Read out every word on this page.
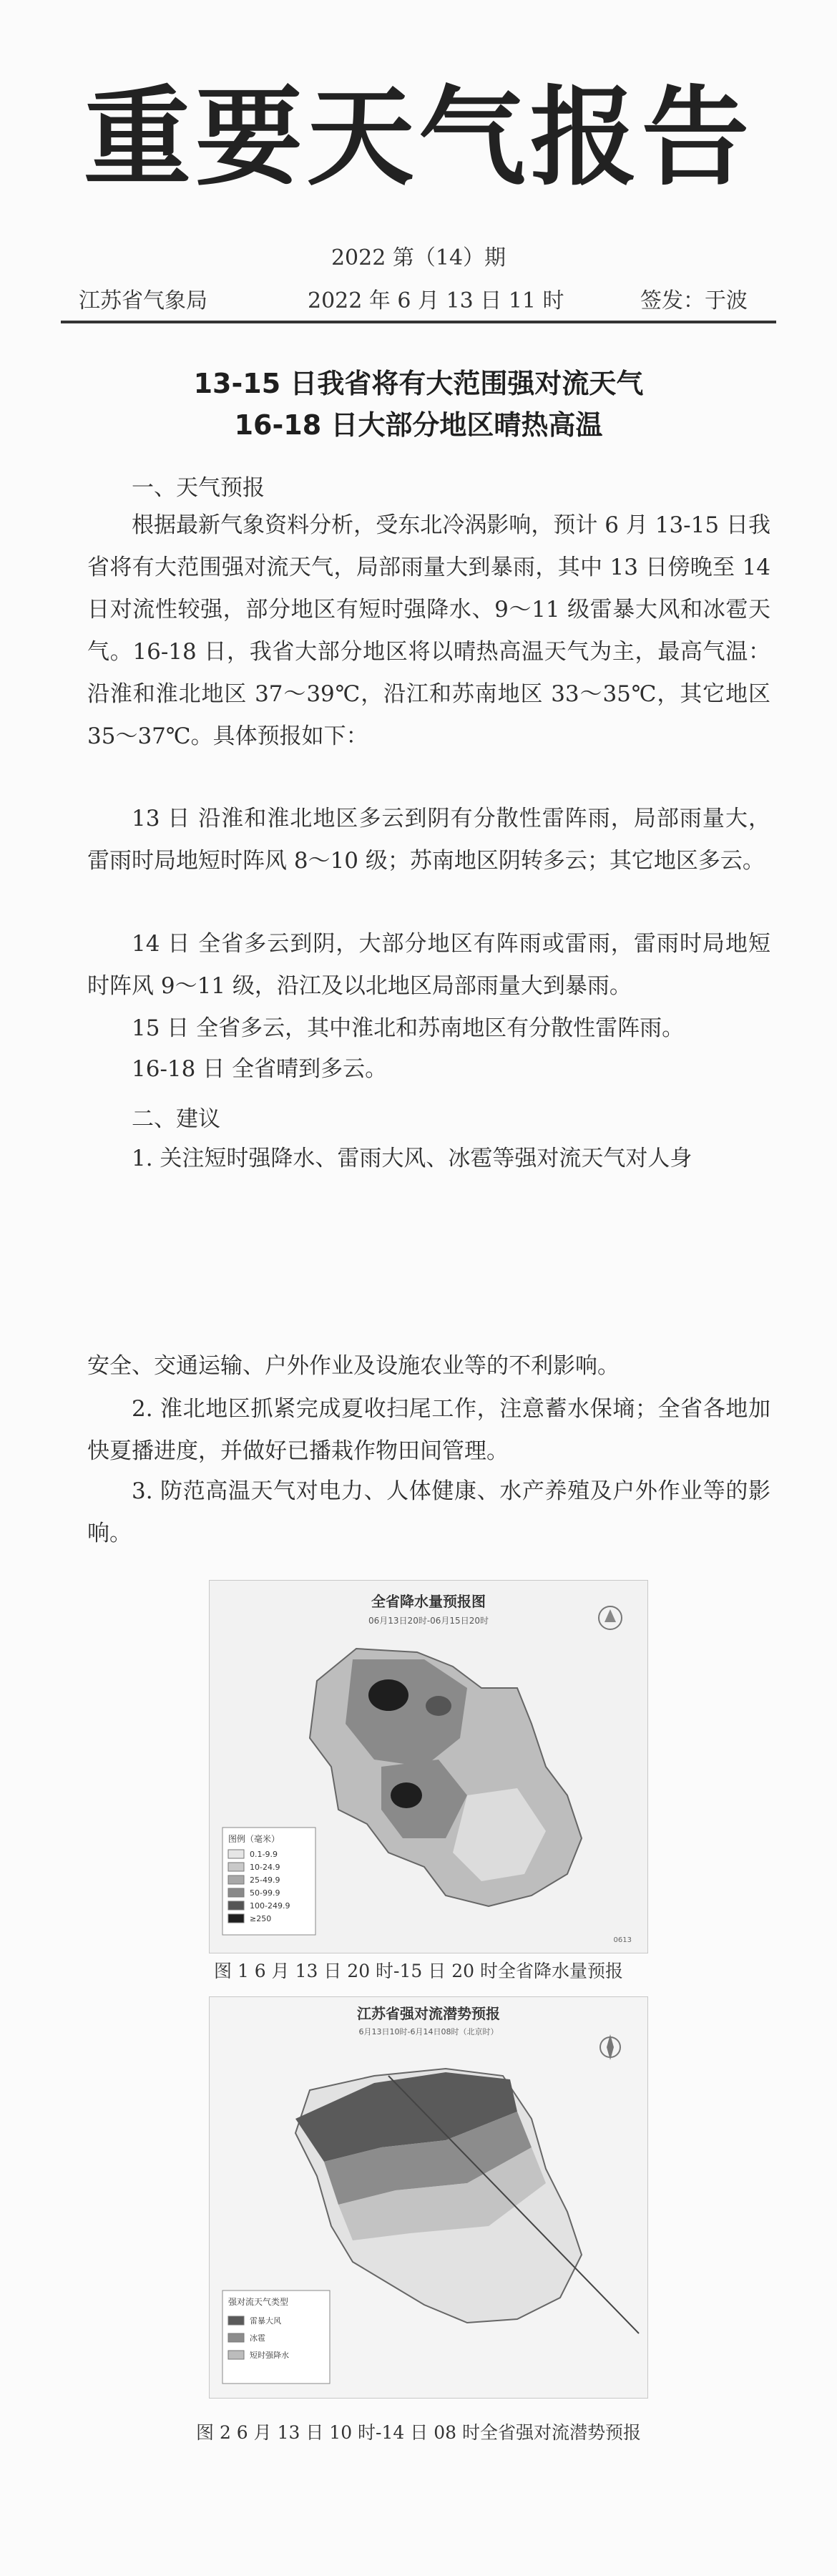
重要天气报告
2022 第（14）期
江苏省气象局	2022 年 6 月 13 日 11 时	签发：于波
13-15 日我省将有大范围强对流天气
16-18 日大部分地区晴热高温
一、天气预报
根据最新气象资料分析，受东北冷涡影响，预计 6 月 13-15 日我省将有大范围强对流天气，局部雨量大到暴雨，其中 13 日傍晚至 14 日对流性较强，部分地区有短时强降水、9～11 级雷暴大风和冰雹天气。16-18 日，我省大部分地区将以晴热高温天气为主，最高气温：沿淮和淮北地区 37～39℃，沿江和苏南地区 33～35℃，其它地区 35～37℃。具体预报如下：
13 日 沿淮和淮北地区多云到阴有分散性雷阵雨，局部雨量大，雷雨时局地短时阵风 8～10 级；苏南地区阴转多云；其它地区多云。
14 日 全省多云到阴，大部分地区有阵雨或雷雨，雷雨时局地短时阵风 9～11 级，沿江及以北地区局部雨量大到暴雨。
15 日 全省多云，其中淮北和苏南地区有分散性雷阵雨。
16-18 日 全省晴到多云。
二、建议
1. 关注短时强降水、雷雨大风、冰雹等强对流天气对人身
安全、交通运输、户外作业及设施农业等的不利影响。
2. 淮北地区抓紧完成夏收扫尾工作，注意蓄水保墒；全省各地加快夏播进度，并做好已播栽作物田间管理。
3. 防范高温天气对电力、人体健康、水产养殖及户外作业等的影响。
全省降水量预报图
06月13日20时-06月15日20时
图例（毫米）
0.1-9.9
10-24.9
25-49.9
50-99.9
100-249.9
≥250
0613
图 1 6 月 13 日 20 时-15 日 20 时全省降水量预报
江苏省强对流潜势预报
6月13日10时-6月14日08时（北京时）
强对流天气类型
雷暴大风
冰雹
短时强降水
图 2 6 月 13 日 10 时-14 日 08 时全省强对流潜势预报
